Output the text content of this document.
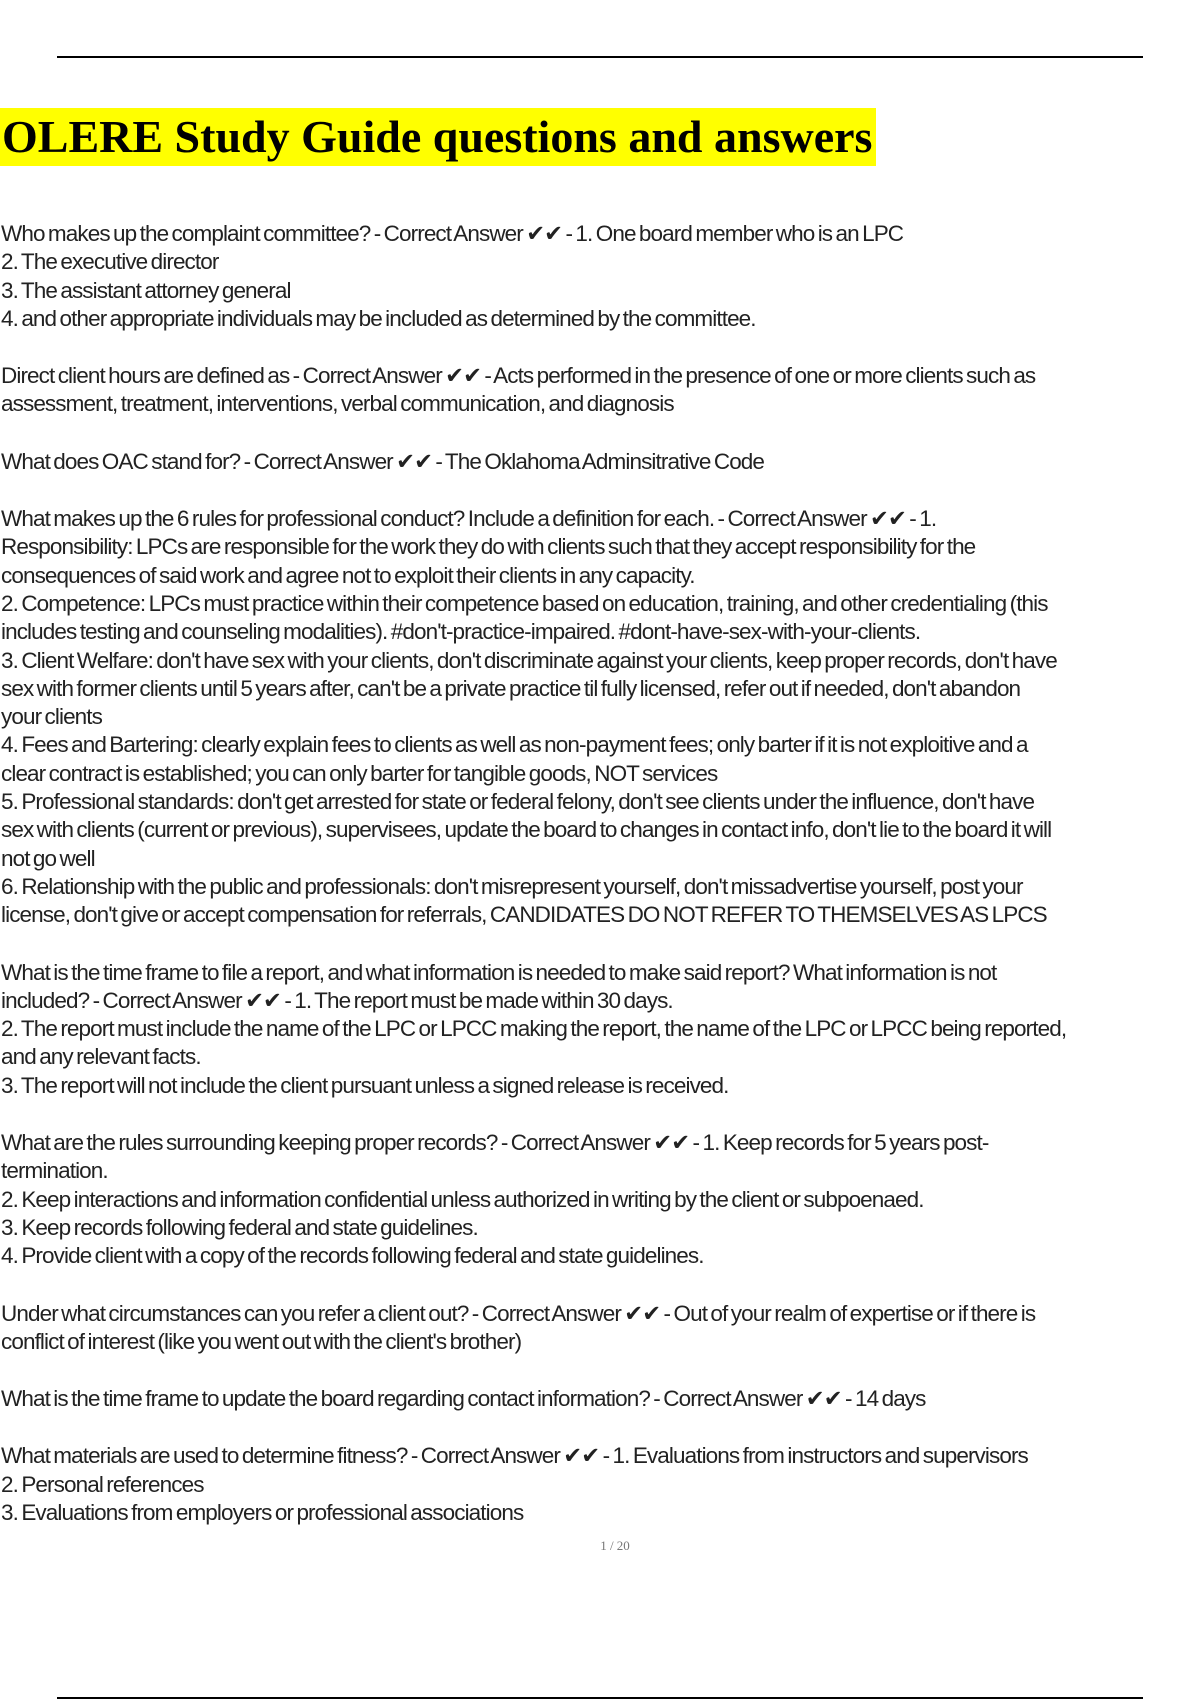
OLERE Study Guide questions and answers
Who makes up the complaint committee? - Correct Answer ✔✔ - 1. One board member who is an LPC
2. The executive director
3. The assistant attorney general
4. and other appropriate individuals may be included as determined by the committee.
Direct client hours are defined as - Correct Answer ✔✔ - Acts performed in the presence of one or more clients such as
assessment, treatment, interventions, verbal communication, and diagnosis
What does OAC stand for? - Correct Answer ✔✔ - The Oklahoma Adminsitrative Code
What makes up the 6 rules for professional conduct? Include a definition for each. - Correct Answer ✔✔ - 1.
Responsibility: LPCs are responsible for the work they do with clients such that they accept responsibility for the
consequences of said work and agree not to exploit their clients in any capacity.
2. Competence: LPCs must practice within their competence based on education, training, and other credentialing (this
includes testing and counseling modalities). #don't-practice-impaired. #dont-have-sex-with-your-clients.
3. Client Welfare: don't have sex with your clients, don't discriminate against your clients, keep proper records, don't have
sex with former clients until 5 years after, can't be a private practice til fully licensed, refer out if needed, don't abandon
your clients
4. Fees and Bartering: clearly explain fees to clients as well as non-payment fees; only barter if it is not exploitive and a
clear contract is established; you can only barter for tangible goods, NOT services
5. Professional standards: don't get arrested for state or federal felony, don't see clients under the influence, don't have
sex with clients (current or previous), supervisees, update the board to changes in contact info, don't lie to the board it will
not go well
6. Relationship with the public and professionals: don't misrepresent yourself, don't missadvertise yourself, post your
license, don't give or accept compensation for referrals, CANDIDATES DO NOT REFER TO THEMSELVES AS LPCS
What is the time frame to file a report, and what information is needed to make said report? What information is not
included? - Correct Answer ✔✔ - 1. The report must be made within 30 days.
2. The report must include the name of the LPC or LPCC making the report, the name of the LPC or LPCC being reported,
and any relevant facts.
3. The report will not include the client pursuant unless a signed release is received.
What are the rules surrounding keeping proper records? - Correct Answer ✔✔ - 1. Keep records for 5 years post-
termination.
2. Keep interactions and information confidential unless authorized in writing by the client or subpoenaed.
3. Keep records following federal and state guidelines.
4. Provide client with a copy of the records following federal and state guidelines.
Under what circumstances can you refer a client out? - Correct Answer ✔✔ - Out of your realm of expertise or if there is
conflict of interest (like you went out with the client's brother)
What is the time frame to update the board regarding contact information? - Correct Answer ✔✔ - 14 days
What materials are used to determine fitness? - Correct Answer ✔✔ - 1. Evaluations from instructors and supervisors
2. Personal references
3. Evaluations from employers or professional associations
1 / 20
